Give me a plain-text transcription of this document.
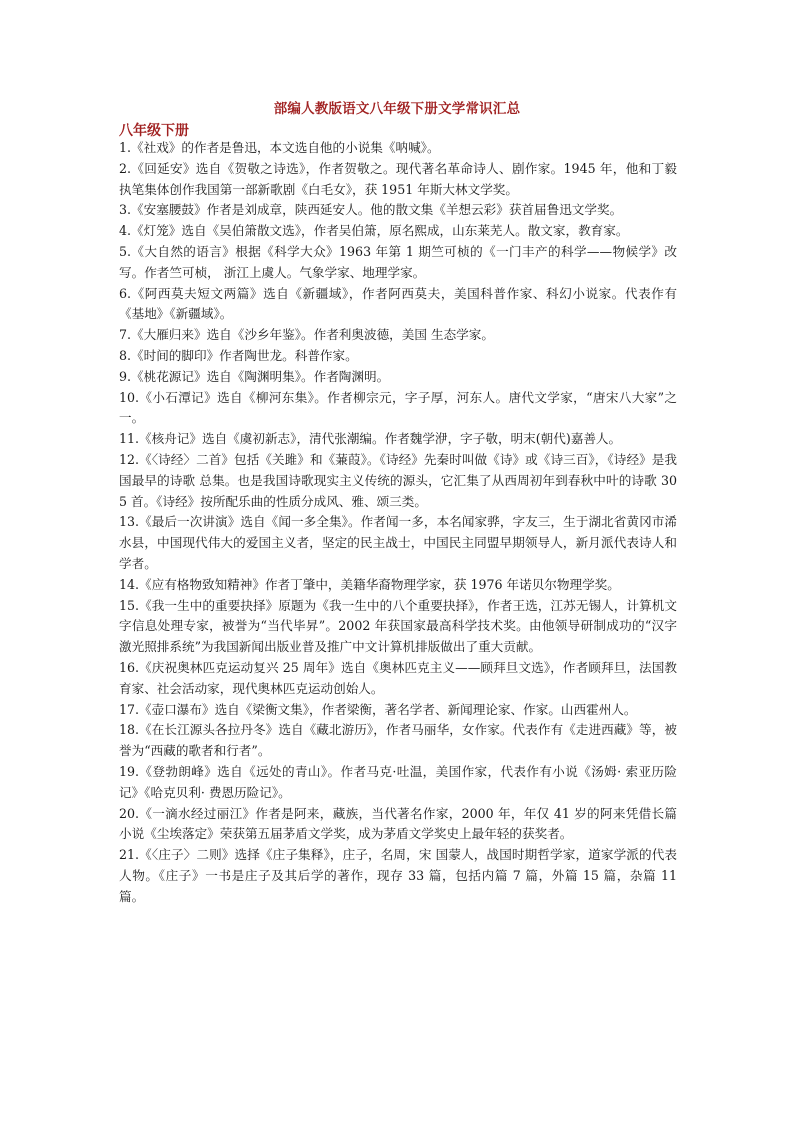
部编人教版语文八年级下册文学常识汇总
八年级下册

1.《社戏》的作者是鲁迅，本文选自他的小说集《呐喊》。

2.《回延安》选自《贺敬之诗选》，作者贺敬之。现代著名革命诗人、剧作家。1945 年，他和丁毅执笔集体创作我国第一部新歌剧《白毛女》，获 1951 年斯大林文学奖。

3.《安塞腰鼓》作者是刘成章，陕西延安人。他的散文集《羊想云彩》获首届鲁迅文学奖。

4.《灯笼》选自《吴伯箫散文选》，作者吴伯箫，原名熙成，山东莱芜人。散文家，教育家。

5.《大自然的语言》根据《科学大众》1963 年第 1 期竺可桢的《一门丰产的科学——物候学》改写。作者竺可桢， 浙江上虞人。气象学家、地理学家。

6.《阿西莫夫短文两篇》选自《新疆域》，作者阿西莫夫，美国科普作家、科幻小说家。代表作有《基地》《新疆域》。

7.《大雁归来》选自《沙乡年鉴》。作者利奥波德，美国 生态学家。

8.《时间的脚印》作者陶世龙。科普作家。

9.《桃花源记》选自《陶渊明集》。作者陶渊明。

10.《小石潭记》选自《柳河东集》。作者柳宗元，字子厚，河东人。唐代文学家，“唐宋八大家”之一。

11.《核舟记》选自《虞初新志》，清代张潮编。作者魏学洢，字子敬，明末(朝代)嘉善人。

12.《〈诗经〉二首》包括《关雎》和《蒹葭》。《诗经》先秦时叫做《诗》或《诗三百》，《诗经》是我国最早的诗歌 总集。也是我国诗歌现实主义传统的源头，它汇集了从西周初年到春秋中叶的诗歌 305 首。《诗经》按所配乐曲的性质分成风、雅、颂三类。

13.《最后一次讲演》选自《闻一多全集》。作者闻一多，本名闻家骅，字友三，生于湖北省黄冈市浠水县，中国现代伟大的爱国主义者，坚定的民主战士，中国民主同盟早期领导人，新月派代表诗人和学者。

14.《应有格物致知精神》作者丁肇中，美籍华裔物理学家，获 1976 年诺贝尔物理学奖。

15.《我一生中的重要抉择》原题为《我一生中的八个重要抉择》，作者王选，江苏无锡人，计算机文字信息处理专家，被誉为“当代毕昇”。2002 年获国家最高科学技术奖。由他领导研制成功的“汉字激光照排系统”为我国新闻出版业普及推广中文计算机排版做出了重大贡献。

16.《庆祝奥林匹克运动复兴 25 周年》选自《奥林匹克主义——顾拜旦文选》，作者顾拜旦，法国教育家、社会活动家，现代奥林匹克运动创始人。

17.《壶口瀑布》选自《梁衡文集》，作者梁衡，著名学者、新闻理论家、作家。山西霍州人。

18.《在长江源头各拉丹冬》选自《藏北游历》，作者马丽华，女作家。代表作有《走进西藏》等，被誉为“西藏的歌者和行者”。

19.《登勃朗峰》选自《远处的青山》。作者马克·吐温，美国作家，代表作有小说《汤姆· 索亚历险记》《哈克贝利· 费恩历险记》。

20.《一滴水经过丽江》作者是阿来，藏族，当代著名作家，2000 年，年仅 41 岁的阿来凭借长篇小说《尘埃落定》荣获第五届茅盾文学奖，成为茅盾文学奖史上最年轻的获奖者。

21.《〈庄子〉二则》选择《庄子集释》，庄子，名周，宋 国蒙人，战国时期哲学家，道家学派的代表人物。《庄子》一书是庄子及其后学的著作，现存 33 篇，包括内篇 7 篇，外篇 15 篇，杂篇 11 篇。
